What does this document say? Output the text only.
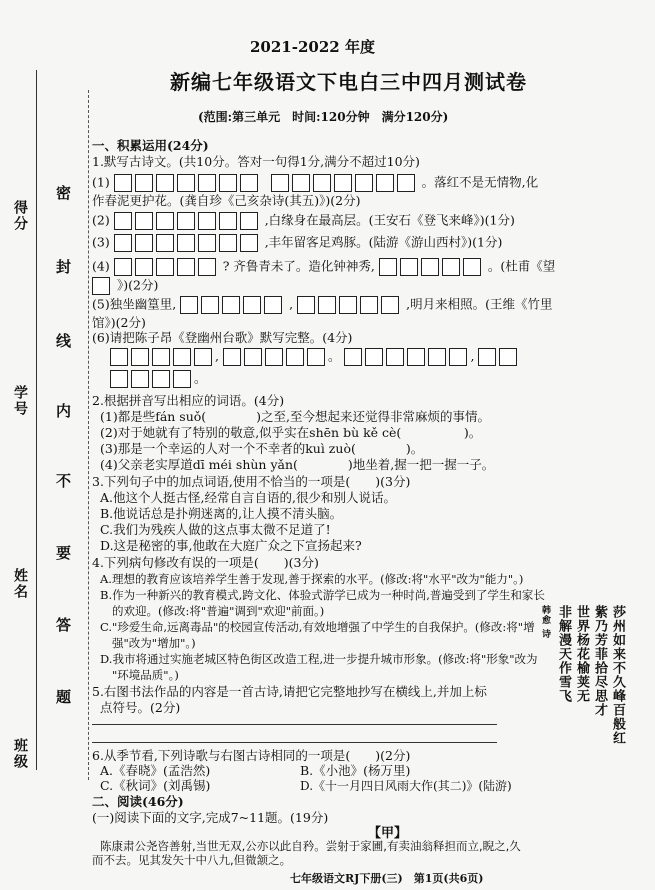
得分
学号
姓名
班级
密
封
线
内
不
要
答
题
2021-2022 年度
新编七年级语文下电白三中四月测试卷
(范围:第三单元　时间:120分钟　满分120分)
一、积累运用(24分)
1.默写古诗文。(共10分。答对一句得1分,满分不超过10分)
(1)	。落红不是无情物,化
作春泥更护花。(龚自珍《己亥杂诗(其五)》)(2分)
(2)	,白缘身在最高层。(王安石《登飞来峰》)(1分)
(3)	,丰年留客足鸡豚。(陆游《游山西村》)(1分)
(4)	? 齐鲁青未了。造化钟神秀,	。(杜甫《望
》)(2分)
(5)独坐幽篁里,	,	,明月来相照。(王维《竹里
馆》)(2分)
(6)请把陈子昂《登幽州台歌》默写完整。(4分)
,	。	,
。
2.根据拼音写出相应的词语。(4分)
(1)都是些fán suǒ(　　　　)之至,至今想起来还觉得非常麻烦的事情。
(2)对于她就有了特别的敬意,似乎实在shēn bù kě cè(　　　　　)。
(3)那是一个幸运的人对一个不幸者的kuì zuò(　　　　)。
(4)父亲老实厚道dī méi shùn yǎn(　　　　)地坐着,握一把一握一子。
3.下列句子中的加点词语,使用不恰当的一项是(　　)(3分)
A.他这个人挺古怪,经常自言自语的,很少和别人说话。
B.他说话总是扑朔迷离的,让人摸不清头脑。
C.我们为残疾人做的这点事太微不足道了!
D.这是秘密的事,他敢在大庭广众之下宣扬起来?
4.下列病句修改有误的一项是(　　)(3分)
A.理想的教育应该培养学生善于发现,善于探索的水平。(修改:将"水平"改为"能力"。)
B.作为一种新兴的教育模式,跨文化、体验式游学已成为一种时尚,普遍受到了学生和家长
的欢迎。(修改:将"普遍"调到"欢迎"前面。)
C."珍爱生命,远离毒品"的校园宣传活动,有效地增强了中学生的自我保护。(修改:将"增
强"改为"增加"。)
D.我市将通过实施老城区特色街区改造工程,进一步提升城市形象。(修改:将"形象"改为
"环境品质"。)
5.右图书法作品的内容是一首古诗,请把它完整地抄写在横线上,并加上标
点符号。(2分)	莎州如来不久峰百般红
紫乃芳菲拾尽思才
世界杨花榆荚无
非解漫天作雪飞
韩愈 诗
6.从季节看,下列诗歌与右图古诗相同的一项是(　　)(2分)
A.《春晓》(孟浩然)	B.《小池》(杨万里)
C.《秋词》(刘禹锡)	D.《十一月四日风雨大作(其二)》(陆游)
二、阅读(46分)
(一)阅读下面的文字,完成7~11题。(19分)
【甲】
陈康肃公尧咨善射,当世无双,公亦以此自矜。尝射于家圃,有卖油翁释担而立,睨之,久
而不去。见其发矢十中八九,但微颔之。
七年级语文RJ下册(三)　第1页(共6页)
